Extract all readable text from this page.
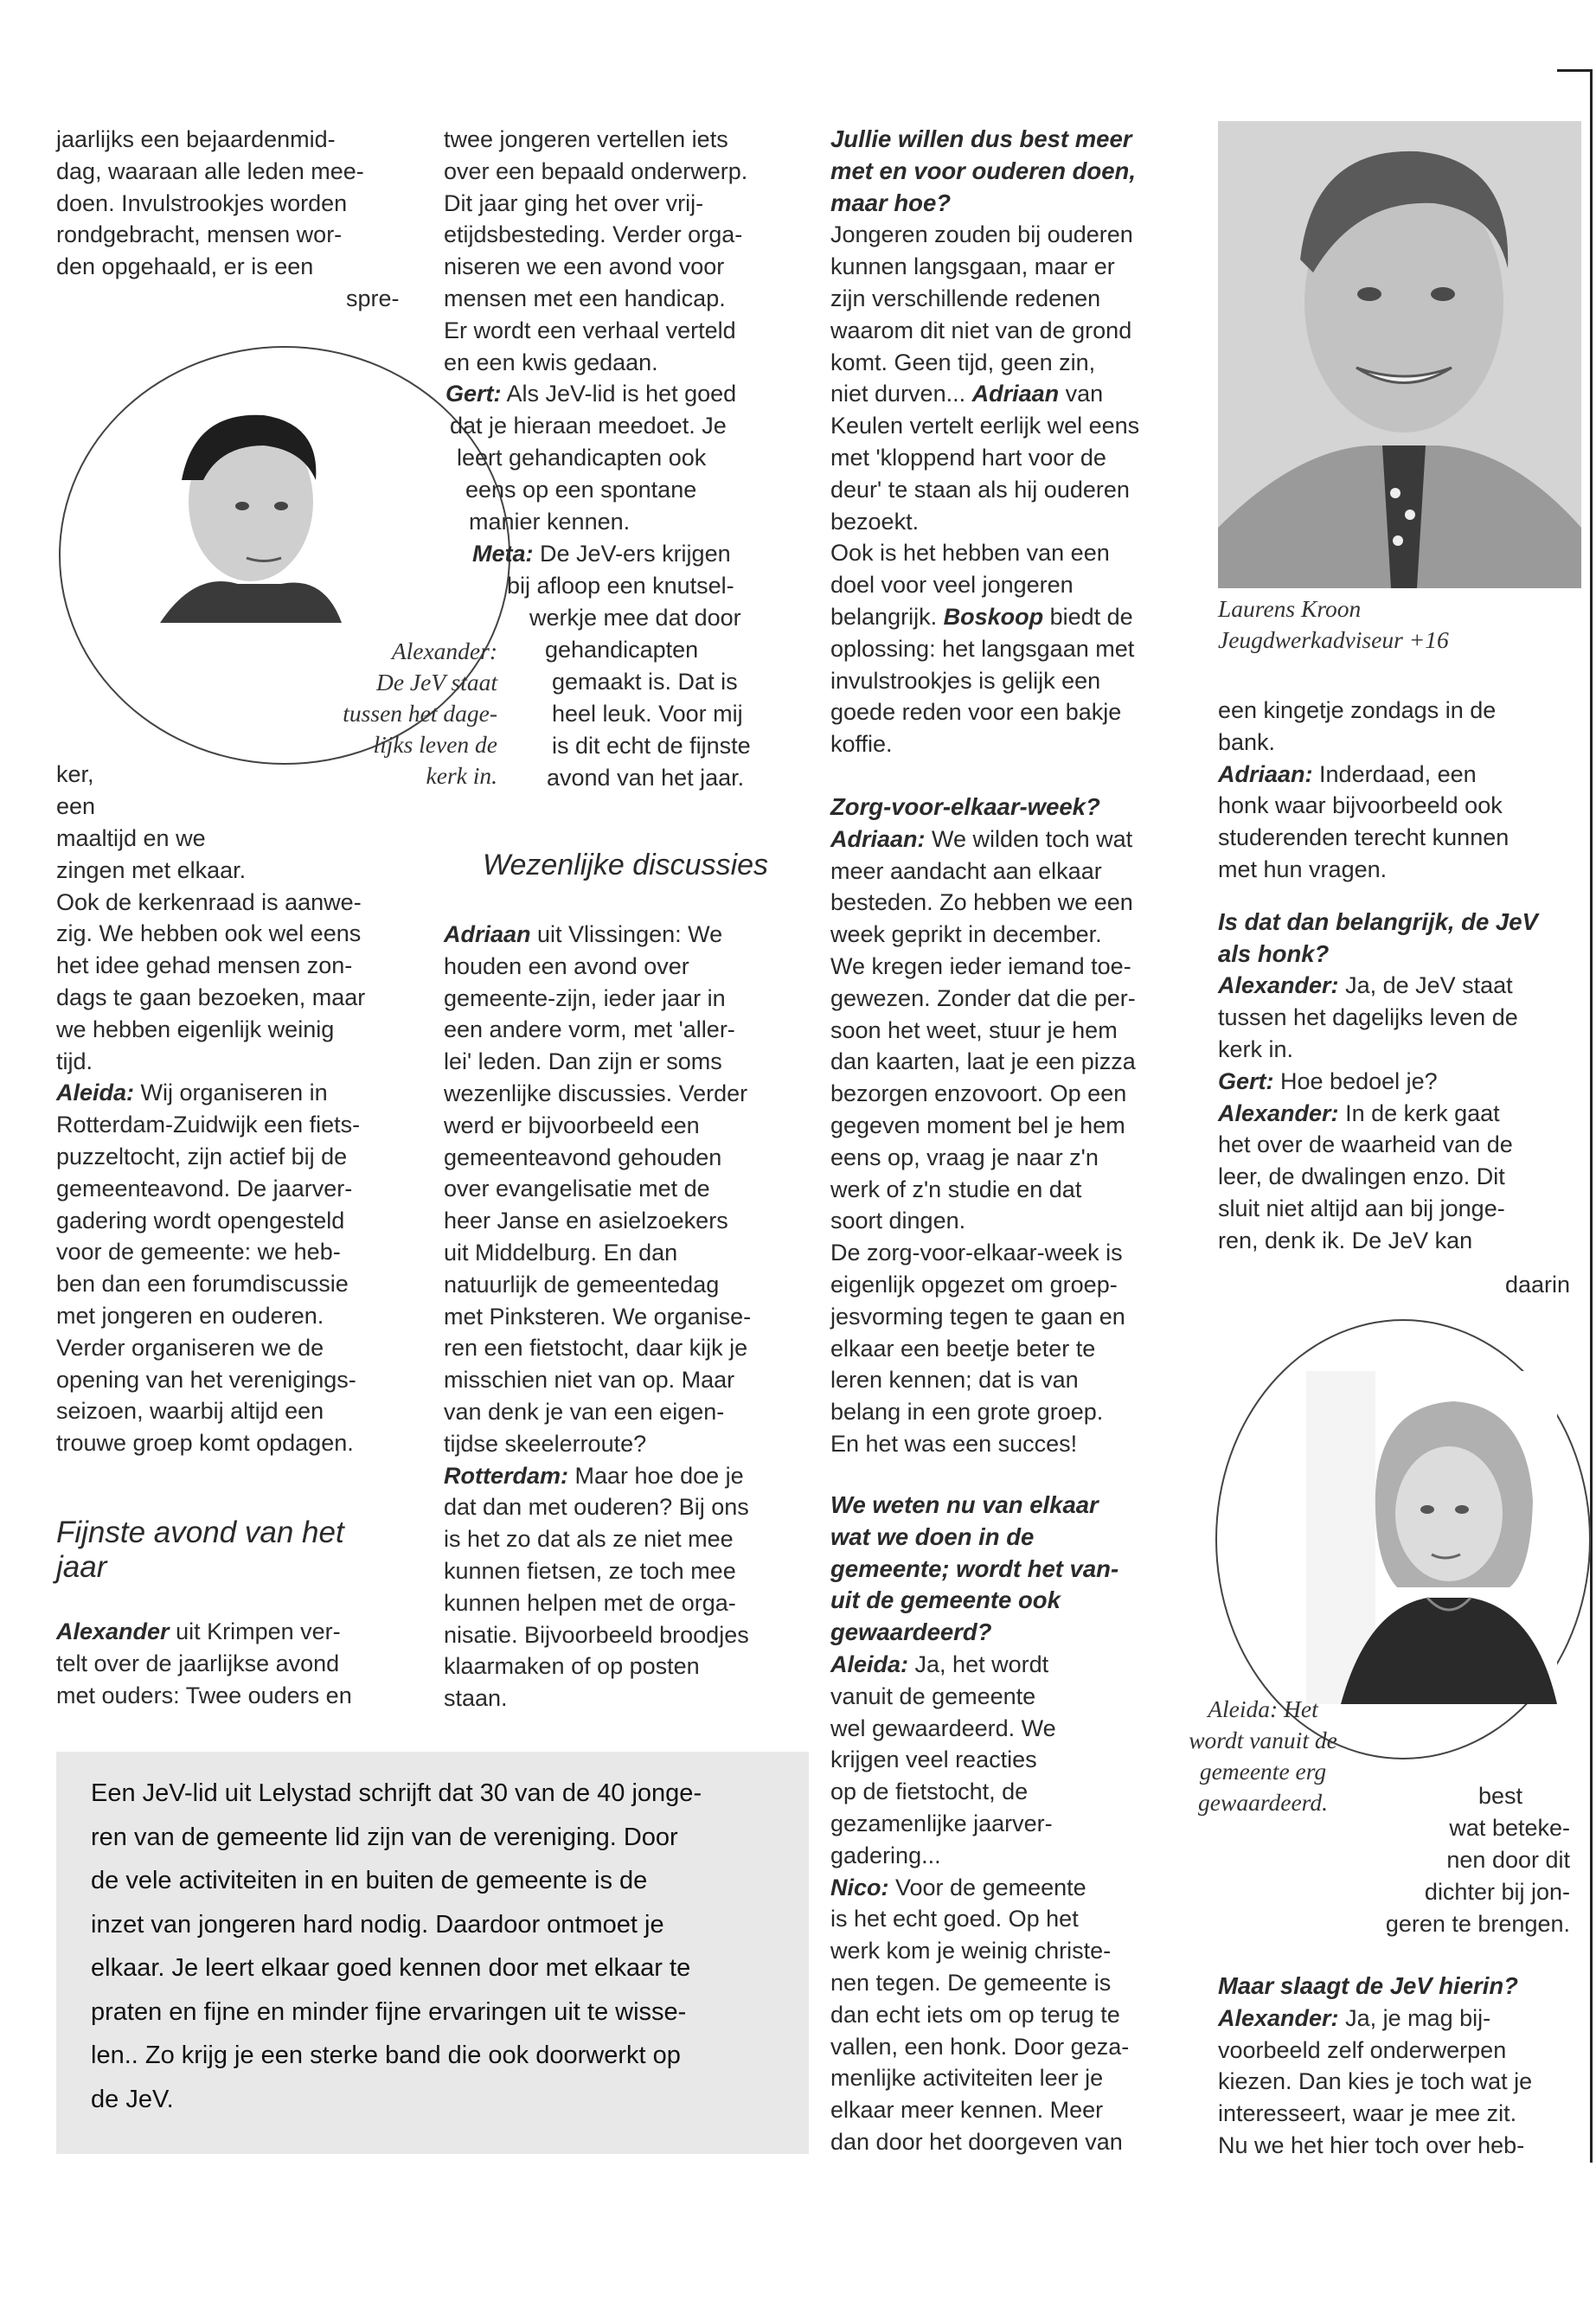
jaarlijks een bejaardenmid-

dag, waaraan alle leden mee-

doen. Invulstrookjes worden

rondgebracht, mensen wor-

den opgehaald, er is een

spre-

Alexander:
De JeV staat
tussen het dage-
lijks leven de
kerk in.

ker,

een

maaltijd en we

zingen met elkaar.

Ook de kerkenraad is aanwe-

zig. We hebben ook wel eens

het idee gehad mensen zon-

dags te gaan bezoeken, maar

we hebben eigenlijk weinig

tijd.

Aleida: Wij organiseren in

Rotterdam-Zuidwijk een fiets-

puzzeltocht, zijn actief bij de

gemeenteavond. De jaarver-

gadering wordt opengesteld

voor de gemeente: we heb-

ben dan een forumdiscussie

met jongeren en ouderen.

Verder organiseren we de

opening van het verenigings-

seizoen, waarbij altijd een

trouwe groep komt opdagen.

Fijnste avond van het

jaar

Alexander uit Krimpen ver-

telt over de jaarlijkse avond

met ouders: Twee ouders en

twee jongeren vertellen iets

over een bepaald onderwerp.

Dit jaar ging het over vrij-

etijdsbesteding. Verder orga-

niseren we een avond voor

mensen met een handicap.

Er wordt een verhaal verteld

en een kwis gedaan.

Gert: Als JeV-lid is het goed

dat je hieraan meedoet. Je

leert gehandicapten ook

eens op een spontane

manier kennen.

Meta: De JeV-ers krijgen

bij afloop een knutsel-

werkje mee dat door

gehandicapten

gemaakt is. Dat is

heel leuk. Voor mij

is dit echt de fijnste

avond van het jaar.

Wezenlijke discussies

Adriaan uit Vlissingen: We

houden een avond over

gemeente-zijn, ieder jaar in

een andere vorm, met 'aller-

lei' leden. Dan zijn er soms

wezenlijke discussies. Verder

werd er bijvoorbeeld een

gemeenteavond gehouden

over evangelisatie met de

heer Janse en asielzoekers

uit Middelburg. En dan

natuurlijk de gemeentedag

met Pinksteren. We organise-

ren een fietstocht, daar kijk je

misschien niet van op. Maar

van denk je van een eigen-

tijdse skeelerroute?

Rotterdam: Maar hoe doe je

dat dan met ouderen? Bij ons

is het zo dat als ze niet mee

kunnen fietsen, ze toch mee

kunnen helpen met de orga-

nisatie. Bijvoorbeeld broodjes

klaarmaken of op posten

staan.

Jullie willen dus best meer

met en voor ouderen doen,

maar hoe?

Jongeren zouden bij ouderen

kunnen langsgaan, maar er

zijn verschillende redenen

waarom dit niet van de grond

komt. Geen tijd, geen zin,

niet durven... Adriaan van

Keulen vertelt eerlijk wel eens

met 'kloppend hart voor de

deur' te staan als hij ouderen

bezoekt.

Ook is het hebben van een

doel voor veel jongeren

belangrijk. Boskoop biedt de

oplossing: het langsgaan met

invulstrookjes is gelijk een

goede reden voor een bakje

koffie.

Zorg-voor-elkaar-week?

Adriaan: We wilden toch wat

meer aandacht aan elkaar

besteden. Zo hebben we een

week geprikt in december.

We kregen ieder iemand toe-

gewezen. Zonder dat die per-

soon het weet, stuur je hem

dan kaarten, laat je een pizza

bezorgen enzovoort. Op een

gegeven moment bel je hem

eens op, vraag je naar z'n

werk of z'n studie en dat

soort dingen.

De zorg-voor-elkaar-week is

eigenlijk opgezet om groep-

jesvorming tegen te gaan en

elkaar een beetje beter te

leren kennen; dat is van

belang in een grote groep.

En het was een succes!

We weten nu van elkaar

wat we doen in de

gemeente; wordt het van-

uit de gemeente ook

gewaardeerd?

Aleida: Ja, het wordt

vanuit de gemeente

wel gewaardeerd. We

krijgen veel reacties

op de fietstocht, de

gezamenlijke jaarver-

gadering...

Nico: Voor de gemeente

is het echt goed. Op het

werk kom je weinig christe-

nen tegen. De gemeente is

dan echt iets om op terug te

vallen, een honk. Door geza-

menlijke activiteiten leer je

elkaar meer kennen. Meer

dan door het doorgeven van

Laurens Kroon
Jeugdwerkadviseur +16

een kingetje zondags in de

bank.

Adriaan: Inderdaad, een

honk waar bijvoorbeeld ook

studerenden terecht kunnen

met hun vragen.

Is dat dan belangrijk, de JeV

als honk?

Alexander: Ja, de JeV staat

tussen het dagelijks leven de

kerk in.

Gert: Hoe bedoel je?

Alexander: In de kerk gaat

het over de waarheid van de

leer, de dwalingen enzo. Dit

sluit niet altijd aan bij jonge-

ren, denk ik. De JeV kan

daarin

Aleida: Het
wordt vanuit de
gemeente erg
gewaardeerd.	best

wat beteke-

nen door dit

dichter bij jon-

geren te brengen.

Maar slaagt de JeV hierin?

Alexander: Ja, je mag bij-

voorbeeld zelf onderwerpen

kiezen. Dan kies je toch wat je

interesseert, waar je mee zit.

Nu we het hier toch over heb-

Een JeV-lid uit Lelystad schrijft dat 30 van de 40 jonge-
ren van de gemeente lid zijn van de vereniging. Door
de vele activiteiten in en buiten de gemeente is de
inzet van jongeren hard nodig. Daardoor ontmoet je
elkaar. Je leert elkaar goed kennen door met elkaar te
praten en fijne en minder fijne ervaringen uit te wisse-
len.. Zo krijg je een sterke band die ook doorwerkt op
de JeV.
